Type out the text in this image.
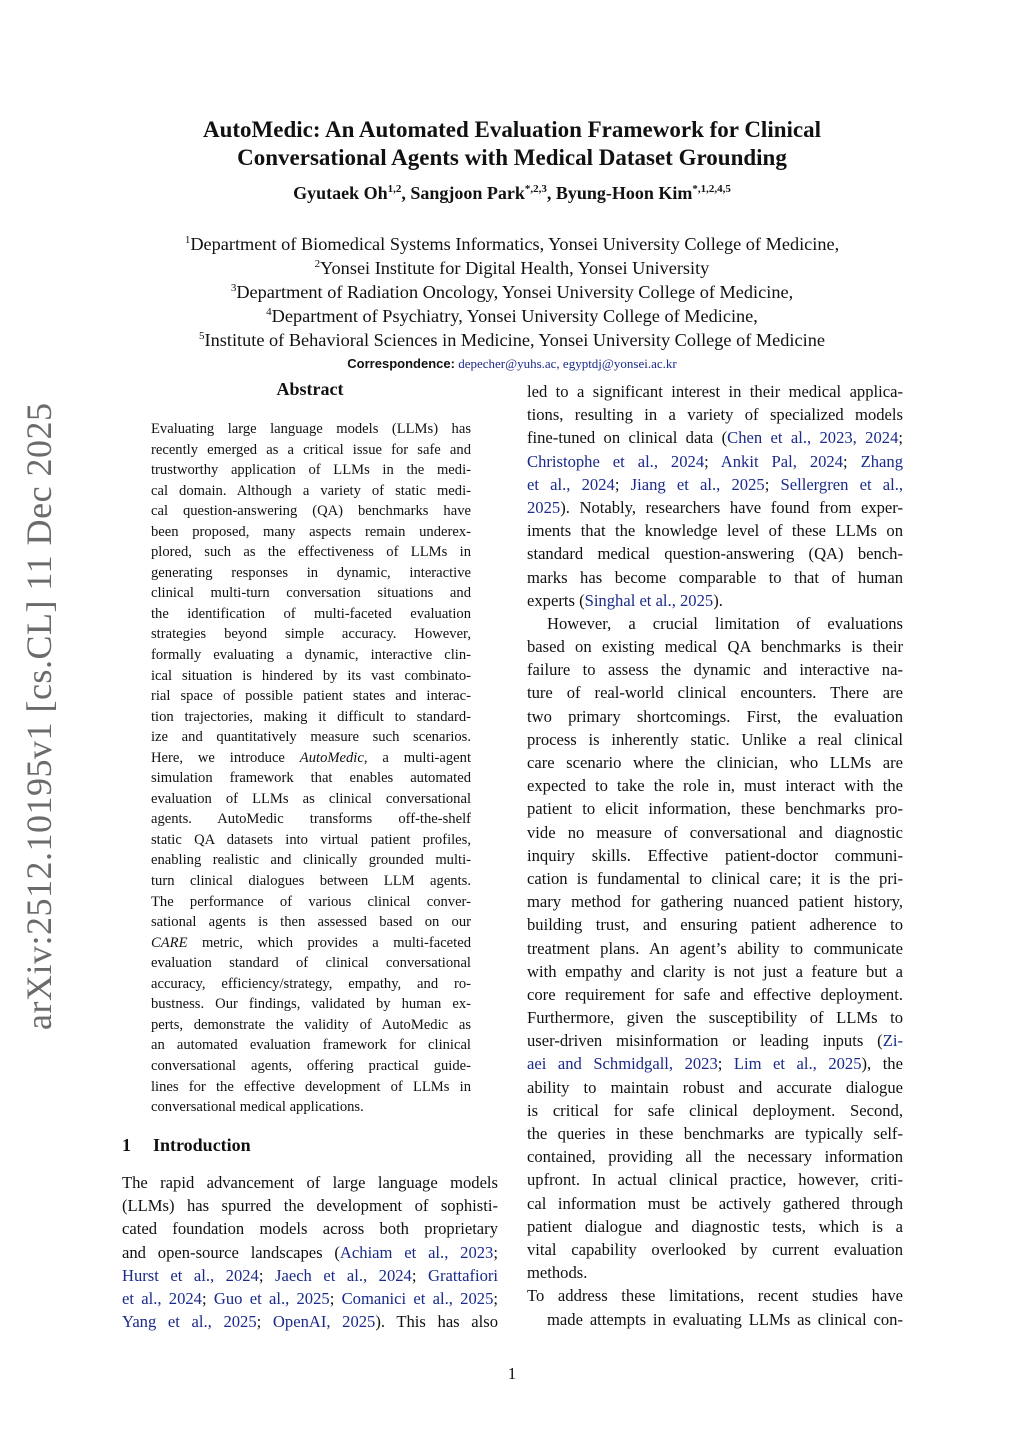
arXiv:2512.10195v1 [cs.CL] 11 Dec 2025
AutoMedic: An Automated Evaluation Framework for Clinical
Conversational Agents with Medical Dataset Grounding
Gyutaek Oh$^{1,2}$, Sangjoon Park$^{*,2,3}$, Byung-Hoon Kim$^{*,1,2,4,5}$
$^1$Department of Biomedical Systems Informatics, Yonsei University College of Medicine,
$^2$Yonsei Institute for Digital Health, Yonsei University
$^3$Department of Radiation Oncology, Yonsei University College of Medicine,
$^4$Department of Psychiatry, Yonsei University College of Medicine,
$^5$Institute of Behavioral Sciences in Medicine, Yonsei University College of Medicine
Correspondence: depecher@yuhs.ac, egyptdj@yonsei.ac.kr
Abstract
Evaluating large language models (LLMs) has
recently emerged as a critical issue for safe and
trustworthy application of LLMs in the medi-
cal domain. Although a variety of static medi-
cal question-answering (QA) benchmarks have
been proposed, many aspects remain underex-
plored, such as the effectiveness of LLMs in
generating responses in dynamic, interactive
clinical multi-turn conversation situations and
the identification of multi-faceted evaluation
strategies beyond simple accuracy. However,
formally evaluating a dynamic, interactive clin-
ical situation is hindered by its vast combinato-
rial space of possible patient states and interac-
tion trajectories, making it difficult to standard-
ize and quantitatively measure such scenarios.
Here, we introduce AutoMedic, a multi-agent
simulation framework that enables automated
evaluation of LLMs as clinical conversational
agents. AutoMedic transforms off-the-shelf
static QA datasets into virtual patient profiles,
enabling realistic and clinically grounded multi-
turn clinical dialogues between LLM agents.
The performance of various clinical conver-
sational agents is then assessed based on our
CARE metric, which provides a multi-faceted
evaluation standard of clinical conversational
accuracy, efficiency/strategy, empathy, and ro-
bustness. Our findings, validated by human ex-
perts, demonstrate the validity of AutoMedic as
an automated evaluation framework for clinical
conversational agents, offering practical guide-
lines for the effective development of LLMs in
conversational medical applications.
1 Introduction
The rapid advancement of large language models
(LLMs) has spurred the development of sophisti-
cated foundation models across both proprietary
and open-source landscapes (Achiam et al., 2023;
Hurst et al., 2024; Jaech et al., 2024; Grattafiori
et al., 2024; Guo et al., 2025; Comanici et al., 2025;
Yang et al., 2025; OpenAI, 2025). This has also
led to a significant interest in their medical applica-
tions, resulting in a variety of specialized models
fine-tuned on clinical data (Chen et al., 2023, 2024;
Christophe et al., 2024; Ankit Pal, 2024; Zhang
et al., 2024; Jiang et al., 2025; Sellergren et al.,
2025). Notably, researchers have found from exper-
iments that the knowledge level of these LLMs on
standard medical question-answering (QA) bench-
marks has become comparable to that of human
experts (Singhal et al., 2025).
However, a crucial limitation of evaluations
based on existing medical QA benchmarks is their
failure to assess the dynamic and interactive na-
ture of real-world clinical encounters. There are
two primary shortcomings. First, the evaluation
process is inherently static. Unlike a real clinical
care scenario where the clinician, who LLMs are
expected to take the role in, must interact with the
patient to elicit information, these benchmarks pro-
vide no measure of conversational and diagnostic
inquiry skills. Effective patient-doctor communi-
cation is fundamental to clinical care; it is the pri-
mary method for gathering nuanced patient history,
building trust, and ensuring patient adherence to
treatment plans. An agent’s ability to communicate
with empathy and clarity is not just a feature but a
core requirement for safe and effective deployment.
Furthermore, given the susceptibility of LLMs to
user-driven misinformation or leading inputs (Zi-
aei and Schmidgall, 2023; Lim et al., 2025), the
ability to maintain robust and accurate dialogue
is critical for safe clinical deployment. Second,
the queries in these benchmarks are typically self-
contained, providing all the necessary information
upfront. In actual clinical practice, however, criti-
cal information must be actively gathered through
patient dialogue and diagnostic tests, which is a
vital capability overlooked by current evaluation
methods.
To address these limitations, recent studies have
made attempts in evaluating LLMs as clinical con-
1
